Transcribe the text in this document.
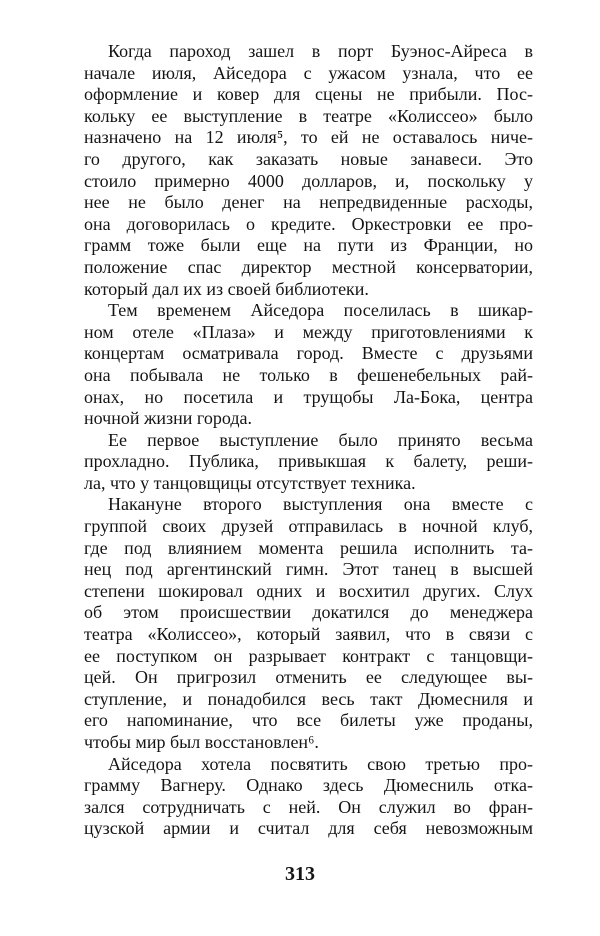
Когда пароход зашел в порт Буэнос-Айреса в
начале июля, Айседора с ужасом узнала, что ее
оформление и ковер для сцены не прибыли. Пос-
кольку ее выступление в театре «Колиссео» было
назначено на 12 июля⁵, то ей не оставалось ниче-
го другого, как заказать новые занавеси. Это
стоило примерно 4000 долларов, и, поскольку у
нее не было денег на непредвиденные расходы,
она договорилась о кредите. Оркестровки ее про-
грамм тоже были еще на пути из Франции, но
положение спас директор местной консерватории,
который дал их из своей библиотеки.
Тем временем Айседора поселилась в шикар-
ном отеле «Плаза» и между приготовлениями к
концертам осматривала город. Вместе с друзьями
она побывала не только в фешенебельных рай-
онах, но посетила и трущобы Ла-Бока, центра
ночной жизни города.
Ее первое выступление было принято весьма
прохладно. Публика, привыкшая к балету, реши-
ла, что у танцовщицы отсутствует техника.
Накануне второго выступления она вместе с
группой своих друзей отправилась в ночной клуб,
где под влиянием момента решила исполнить та-
нец под аргентинский гимн. Этот танец в высшей
степени шокировал одних и восхитил других. Слух
об этом происшествии докатился до менеджера
театра «Колиссео», который заявил, что в связи с
ее поступком он разрывает контракт с танцовщи-
цей. Он пригрозил отменить ее следующее вы-
ступление, и понадобился весь такт Дюмесниля и
его напоминание, что все билеты уже проданы,
чтобы мир был восстановлен⁶.
Айседора хотела посвятить свою третью про-
грамму Вагнеру. Однако здесь Дюмесниль отка-
зался сотрудничать с ней. Он служил во фран-
цузской армии и считал для себя невозможным
313
